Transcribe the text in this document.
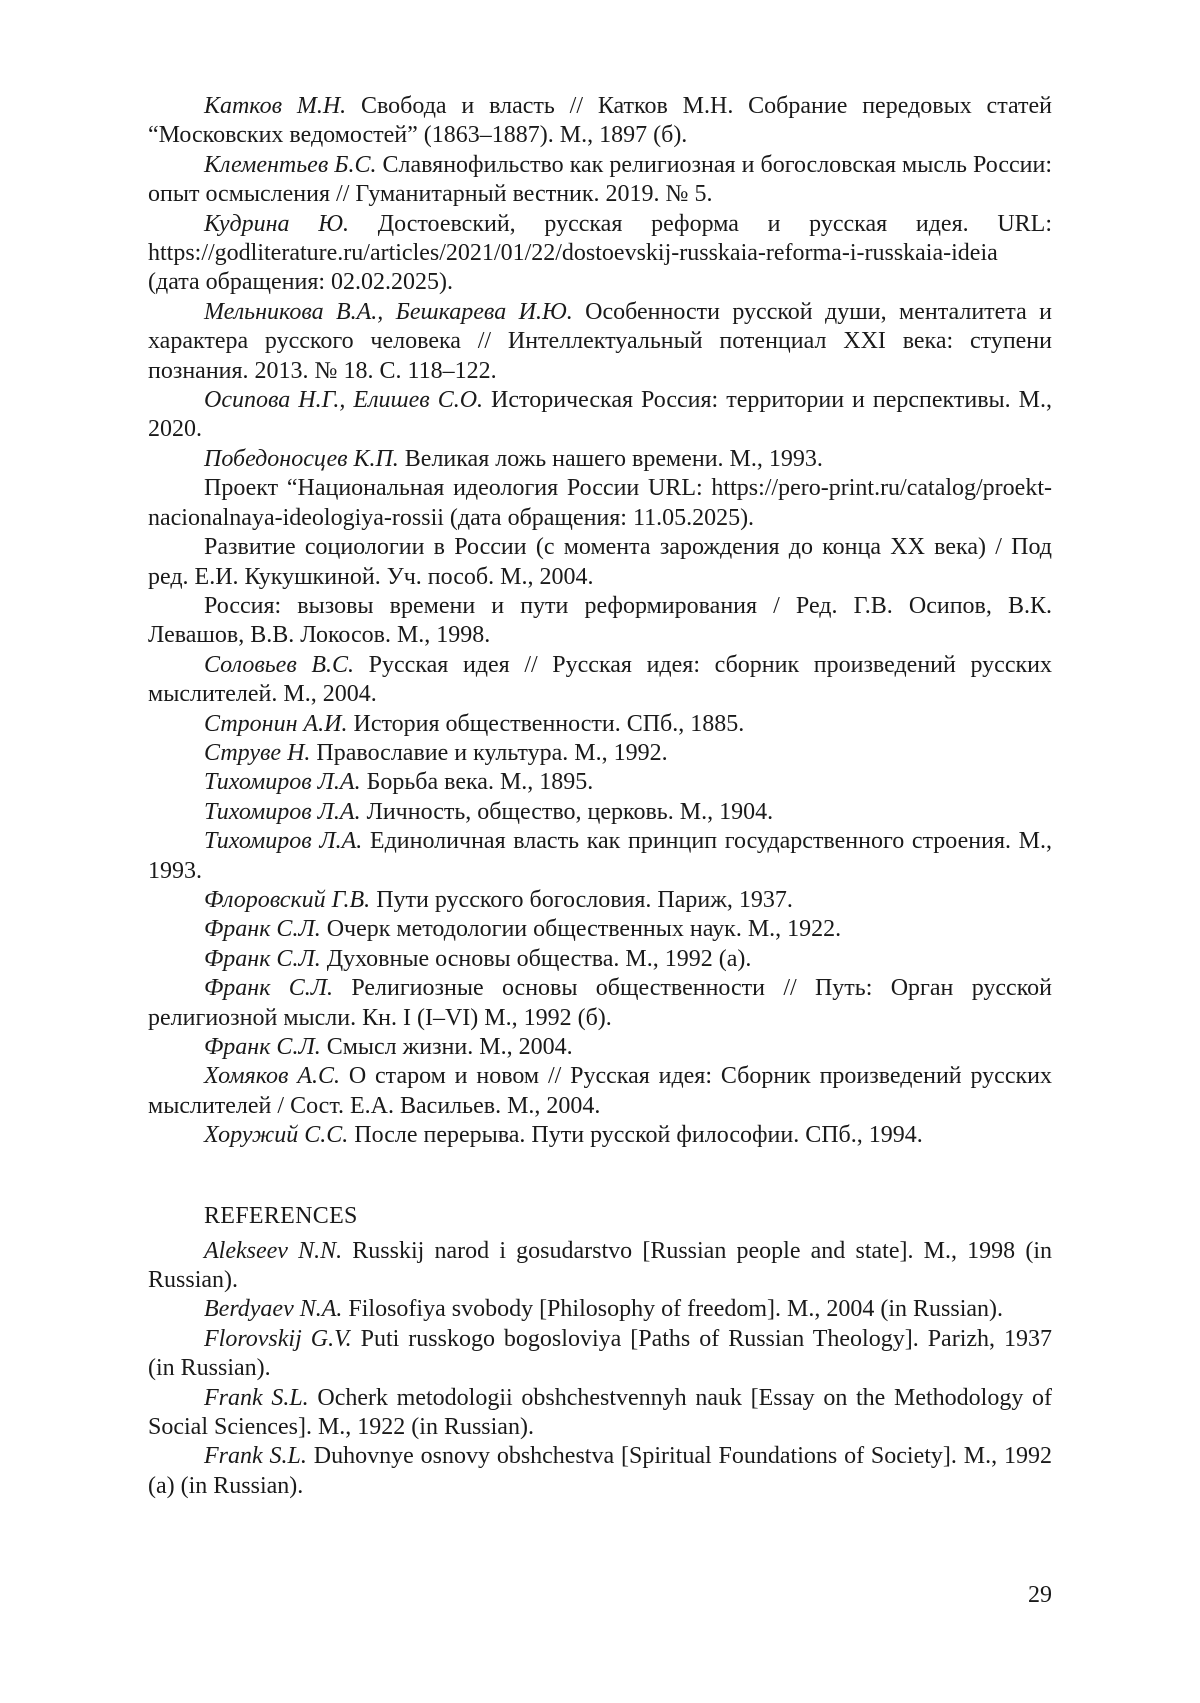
Катков М.Н. Свобода и власть // Катков М.Н. Собрание передовых статей “Московских ведомостей” (1863–1887). М., 1897 (б).

Клементьев Б.С. Славянофильство как религиозная и богословская мысль России: опыт осмысления // Гуманитарный вестник. 2019. № 5.

Кудрина Ю. Достоевский, русская реформа и русская идея. URL: https://godliterature.ru/articles/2021/01/22/dostoevskij-russkaia-reforma-i-russkaia-ideia (дата обращения: 02.02.2025).

Мельникова В.А., Бешкарева И.Ю. Особенности русской души, менталитета и характера русского человека // Интеллектуальный потенциал XXI века: ступени познания. 2013. № 18. С. 118–122.

Осипова Н.Г., Елишев С.О. Историческая Россия: территории и перспективы. М., 2020.

Победоносцев К.П. Великая ложь нашего времени. М., 1993.

Проект “Национальная идеология России URL: https://pero-print.ru/catalog/proekt-nacionalnaya-ideologiya-rossii (дата обращения: 11.05.2025).

Развитие социологии в России (с момента зарождения до конца XX века) / Под ред. Е.И. Кукушкиной. Уч. пособ. М., 2004.

Россия: вызовы времени и пути реформирования / Ред. Г.В. Осипов, В.К. Левашов, В.В. Локосов. М., 1998.

Соловьев В.С. Русская идея // Русская идея: сборник произведений русских мыслителей. М., 2004.

Стронин А.И. История общественности. СПб., 1885.

Струве Н. Православие и культура. М., 1992.

Тихомиров Л.А. Борьба века. М., 1895.

Тихомиров Л.А. Личность, общество, церковь. М., 1904.

Тихомиров Л.А. Единоличная власть как принцип государственного строения. М., 1993.

Флоровский Г.В. Пути русского богословия. Париж, 1937.

Франк С.Л. Очерк методологии общественных наук. М., 1922.

Франк С.Л. Духовные основы общества. М., 1992 (а).

Франк С.Л. Религиозные основы общественности // Путь: Орган русской религиозной мысли. Кн. I (I–VI) М., 1992 (б).

Франк С.Л. Смысл жизни. М., 2004.

Хомяков А.С. О старом и новом // Русская идея: Сборник произведений русских мыслителей / Сост. Е.А. Васильев. М., 2004.

Хоружий С.С. После перерыва. Пути русской философии. СПб., 1994.

REFERENCES

Alekseev N.N. Russkij narod i gosudarstvo [Russian people and state]. M., 1998 (in Russian).

Berdyaev N.A. Filosofiya svobody [Philosophy of freedom]. M., 2004 (in Russian).

Florovskij G.V. Puti russkogo bogosloviya [Paths of Russian Theology]. Parizh, 1937 (in Russian).

Frank S.L. Ocherk metodologii obshchestvennyh nauk [Essay on the Methodology of Social Sciences]. M., 1922 (in Russian).

Frank S.L. Duhovnye osnovy obshchestva [Spiritual Foundations of Society]. M., 1992 (a) (in Russian).

29
